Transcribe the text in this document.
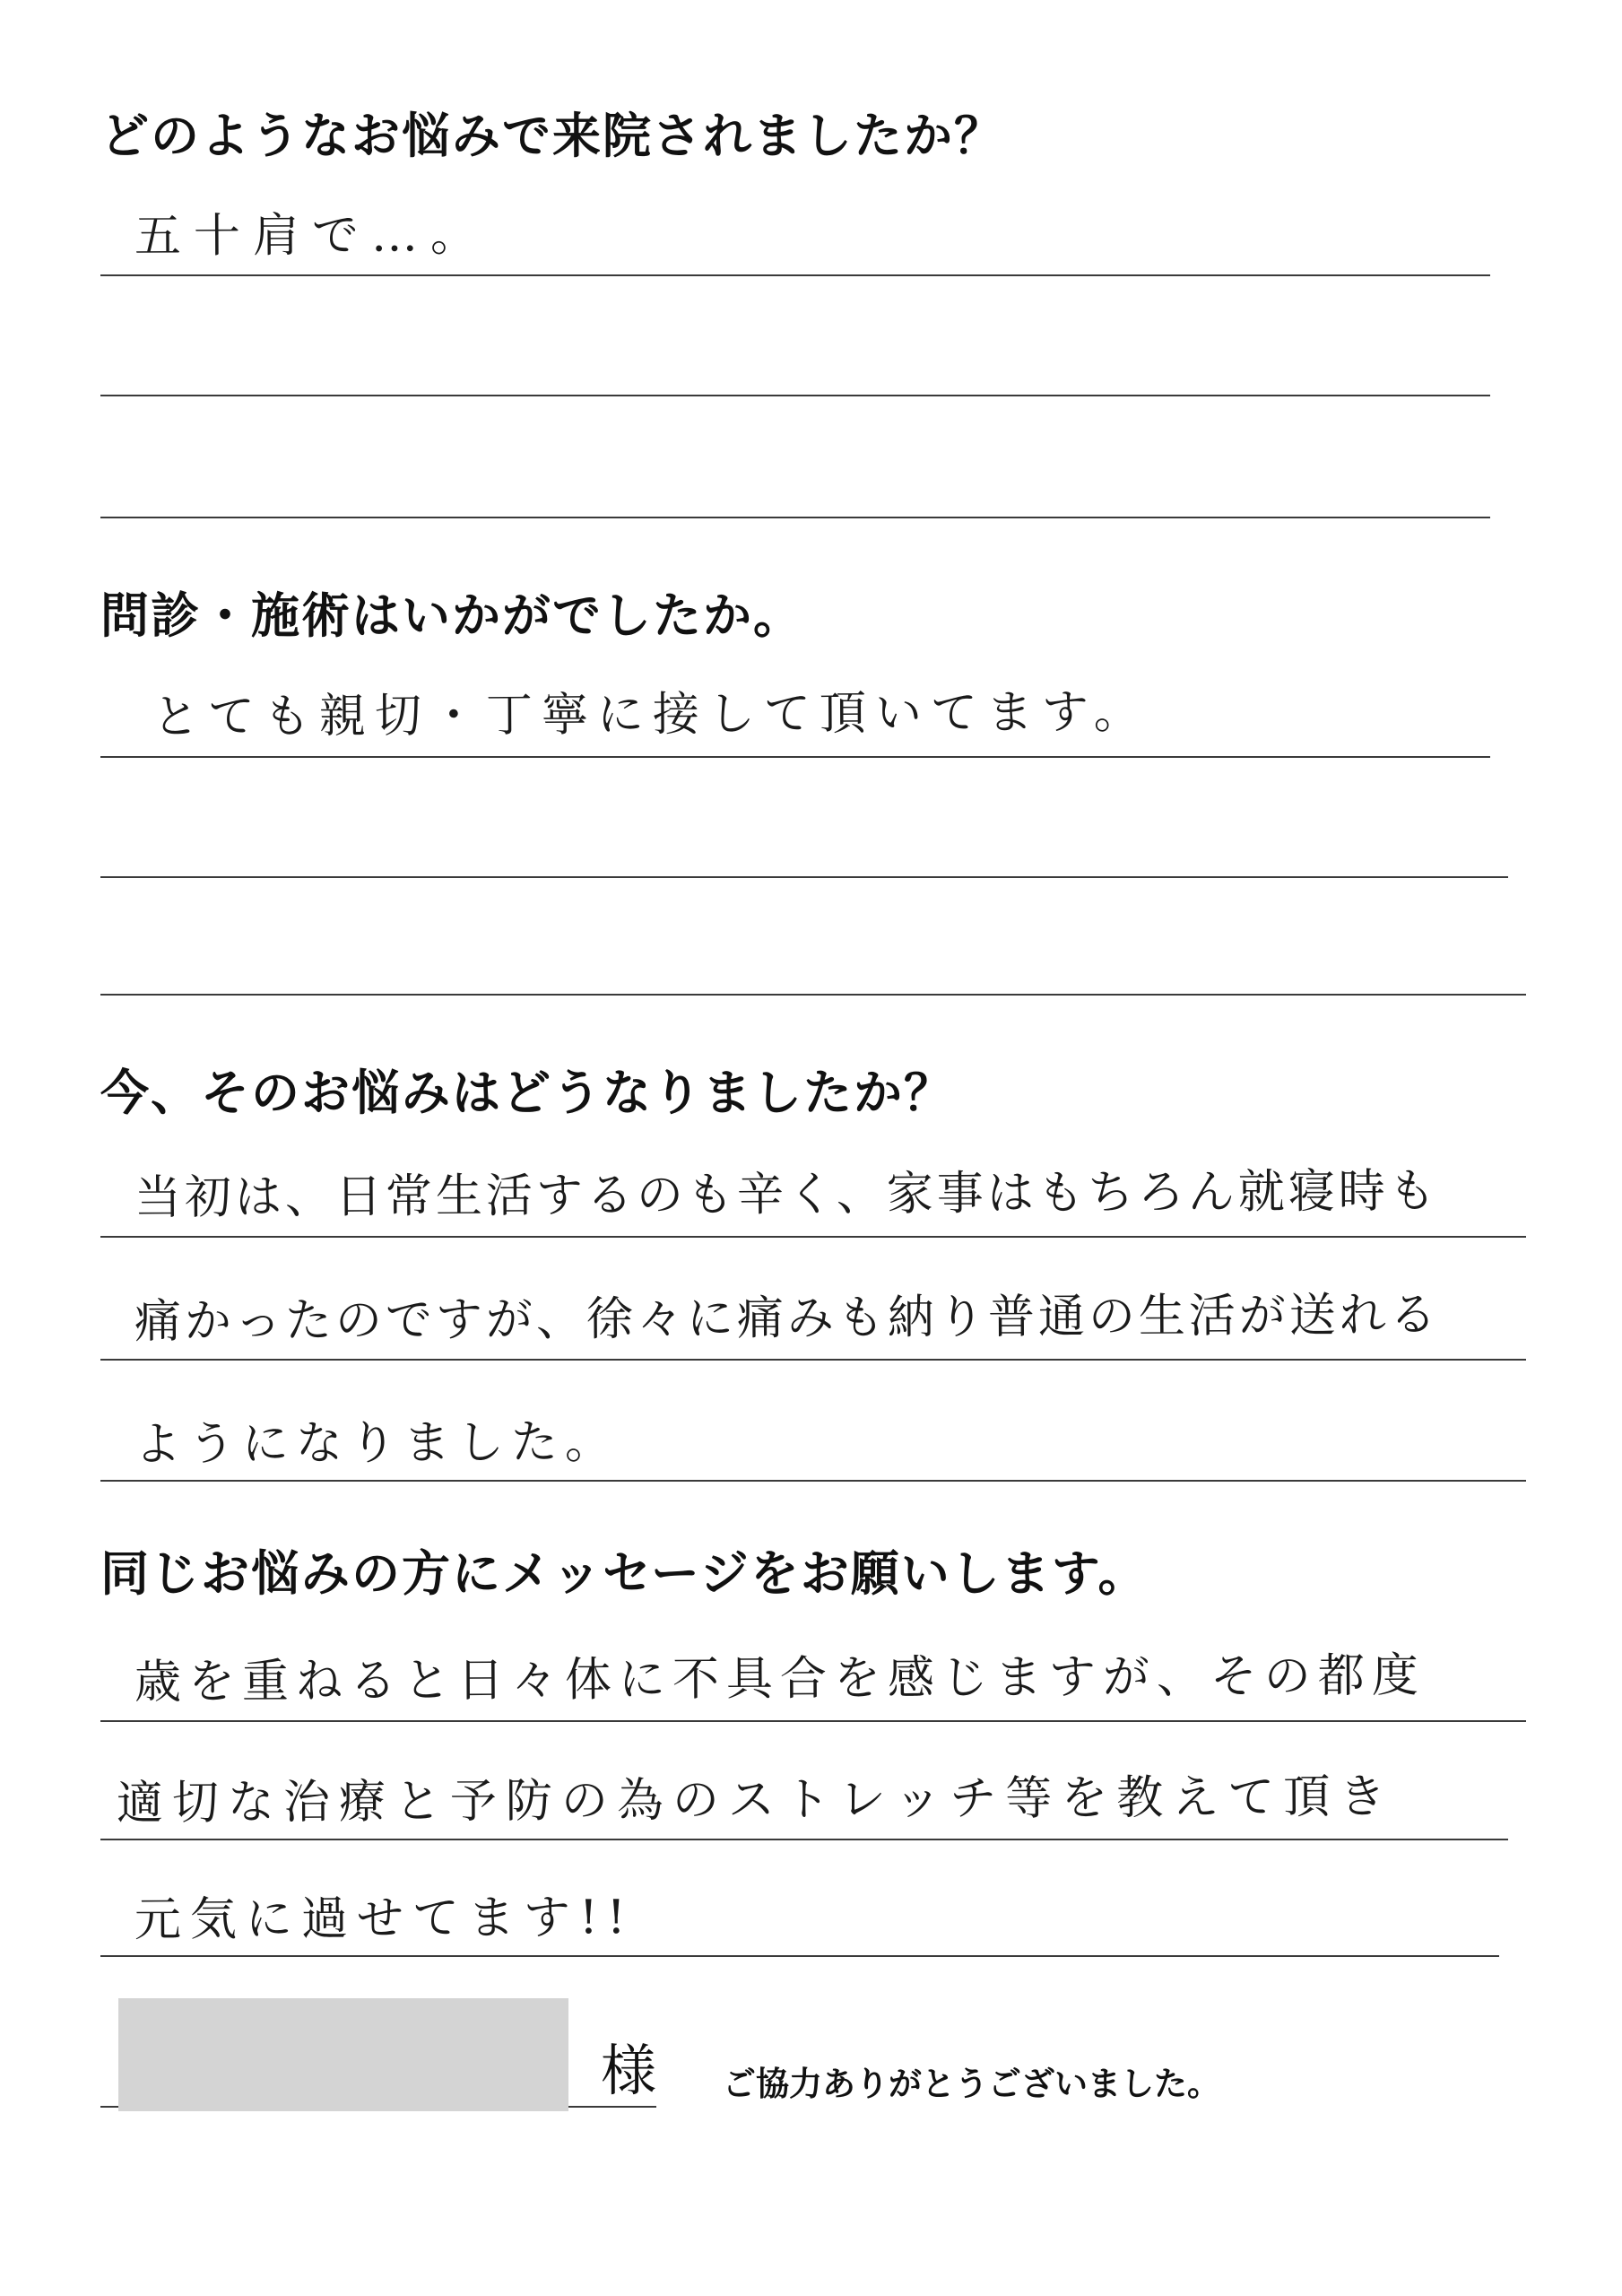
どのようなお悩みで来院されましたか？
五十肩で…。
問診・施術はいかがでしたか。
とても親切・丁寧に接して頂いてます。
今、そのお悩みはどうなりましたか？
当初は、日常生活するのも辛く、家事はもちろん就寝時も
痛かったのですが、徐々に痛みも納り普通の生活が送れる
ようになりました。
同じお悩みの方にメッセージをお願いします。
歳を重ねると日々体に不具合を感じますが、その都度
適切な治療と予防の為のストレッチ等を教えて頂き
元気に過せてます!!
様 ご協力ありがとうございました。
